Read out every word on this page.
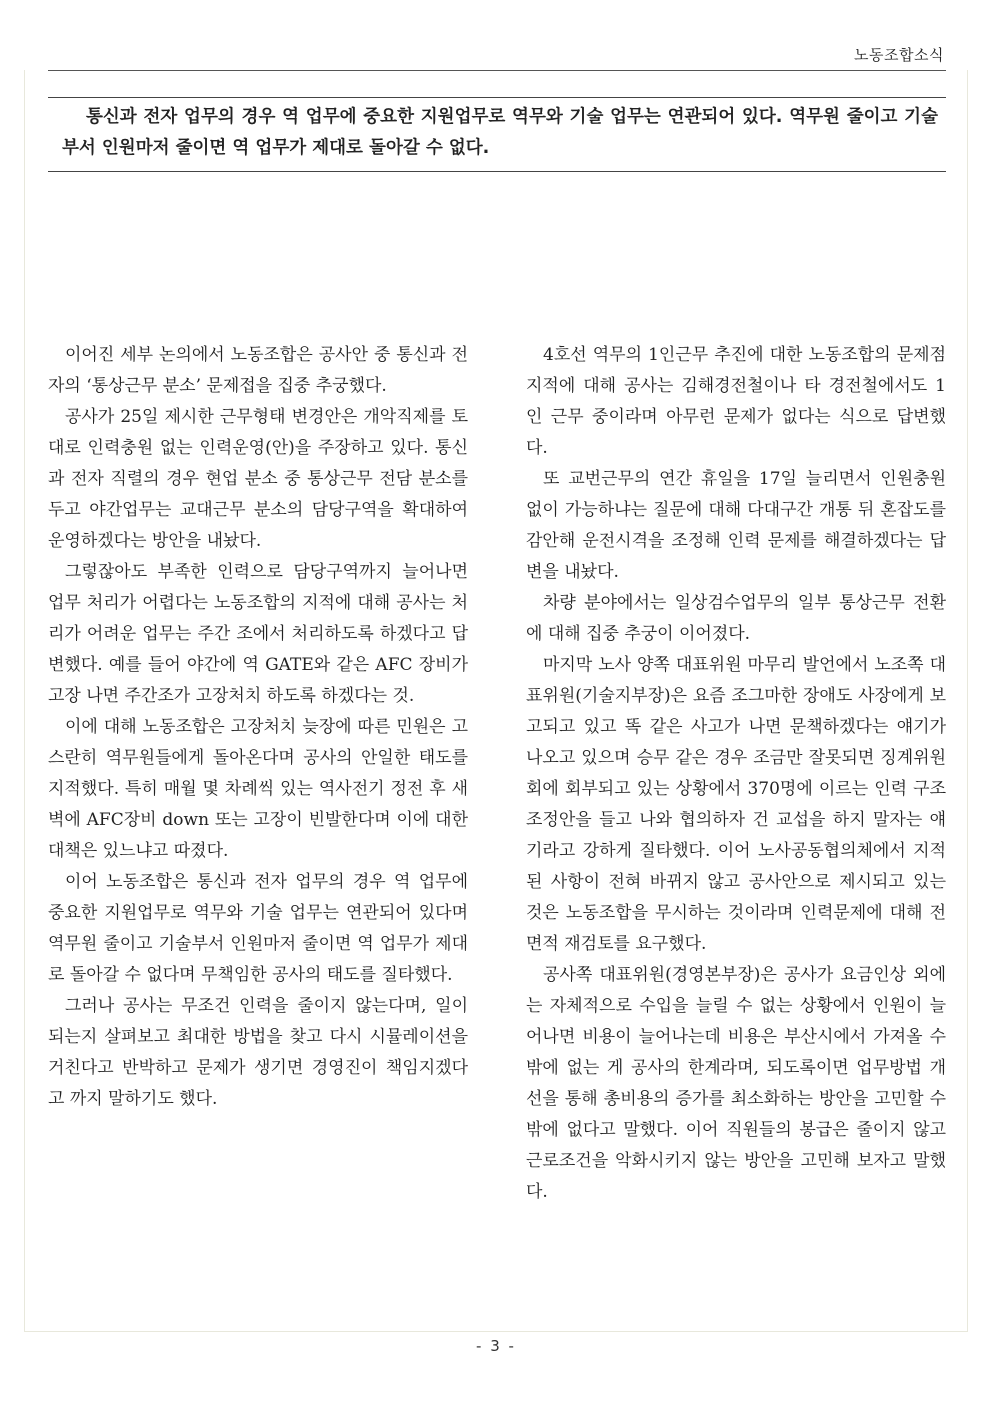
노동조합소식
통신과 전자 업무의 경우 역 업무에 중요한 지원업무로 역무와 기술 업무는 연관되어 있다. 역무원 줄이고 기술부서 인원마저 줄이면 역 업무가 제대로 돌아갈 수 없다.

이어진 세부 논의에서 노동조합은 공사안 중 통신과 전자의 ‘통상근무 분소’ 문제접을 집중 추궁했다.

공사가 25일 제시한 근무형태 변경안은 개악직제를 토대로 인력충원 없는 인력운영(안)을 주장하고 있다. 통신과 전자 직렬의 경우 현업 분소 중 통상근무 전담 분소를 두고 야간업무는 교대근무 분소의 담당구역을 확대하여 운영하겠다는 방안을 내놨다.

그렇잖아도 부족한 인력으로 담당구역까지 늘어나면 업무 처리가 어렵다는 노동조합의 지적에 대해 공사는 처리가 어려운 업무는 주간 조에서 처리하도록 하겠다고 답변했다. 예를 들어 야간에 역 GATE와 같은 AFC 장비가 고장 나면 주간조가 고장처치 하도록 하겠다는 것.

이에 대해 노동조합은 고장처치 늦장에 따른 민원은 고스란히 역무원들에게 돌아온다며 공사의 안일한 태도를 지적했다. 특히 매월 몇 차례씩 있는 역사전기 정전 후 새벽에 AFC장비 down 또는 고장이 빈발한다며 이에 대한 대책은 있느냐고 따졌다.

이어 노동조합은 통신과 전자 업무의 경우 역 업무에 중요한 지원업무로 역무와 기술 업무는 연관되어 있다며 역무원 줄이고 기술부서 인원마저 줄이면 역 업무가 제대로 돌아갈 수 없다며 무책임한 공사의 태도를 질타했다.

그러나 공사는 무조건 인력을 줄이지 않는다며, 일이 되는지 살펴보고 최대한 방법을 찾고 다시 시뮬레이션을 거친다고 반박하고 문제가 생기면 경영진이 책임지겠다고 까지 말하기도 했다.

4호선 역무의 1인근무 추진에 대한 노동조합의 문제점 지적에 대해 공사는 김해경전철이나 타 경전철에서도 1인 근무 중이라며 아무런 문제가 없다는 식으로 답변했다.

또 교번근무의 연간 휴일을 17일 늘리면서 인원충원 없이 가능하냐는 질문에 대해 다대구간 개통 뒤 혼잡도를 감안해 운전시격을 조정해 인력 문제를 해결하겠다는 답변을 내놨다.

차량 분야에서는 일상검수업무의 일부 통상근무 전환에 대해 집중 추궁이 이어졌다.

마지막 노사 양쪽 대표위원 마무리 발언에서 노조쪽 대표위원(기술지부장)은 요즘 조그마한 장애도 사장에게 보고되고 있고 똑 같은 사고가 나면 문책하겠다는 얘기가 나오고 있으며 승무 같은 경우 조금만 잘못되면 징계위원회에 회부되고 있는 상황에서 370명에 이르는 인력 구조조정안을 들고 나와 협의하자 건 교섭을 하지 말자는 얘기라고 강하게 질타했다. 이어 노사공동협의체에서 지적된 사항이 전혀 바뀌지 않고 공사안으로 제시되고 있는 것은 노동조합을 무시하는 것이라며 인력문제에 대해 전면적 재검토를 요구했다.

공사쪽 대표위원(경영본부장)은 공사가 요금인상 외에는 자체적으로 수입을 늘릴 수 없는 상황에서 인원이 늘어나면 비용이 늘어나는데 비용은 부산시에서 가져올 수밖에 없는 게 공사의 한계라며, 되도록이면 업무방법 개선을 통해 총비용의 증가를 최소화하는 방안을 고민할 수밖에 없다고 말했다. 이어 직원들의 봉급은 줄이지 않고 근로조건을 악화시키지 않는 방안을 고민해 보자고 말했다.

- 3 -
